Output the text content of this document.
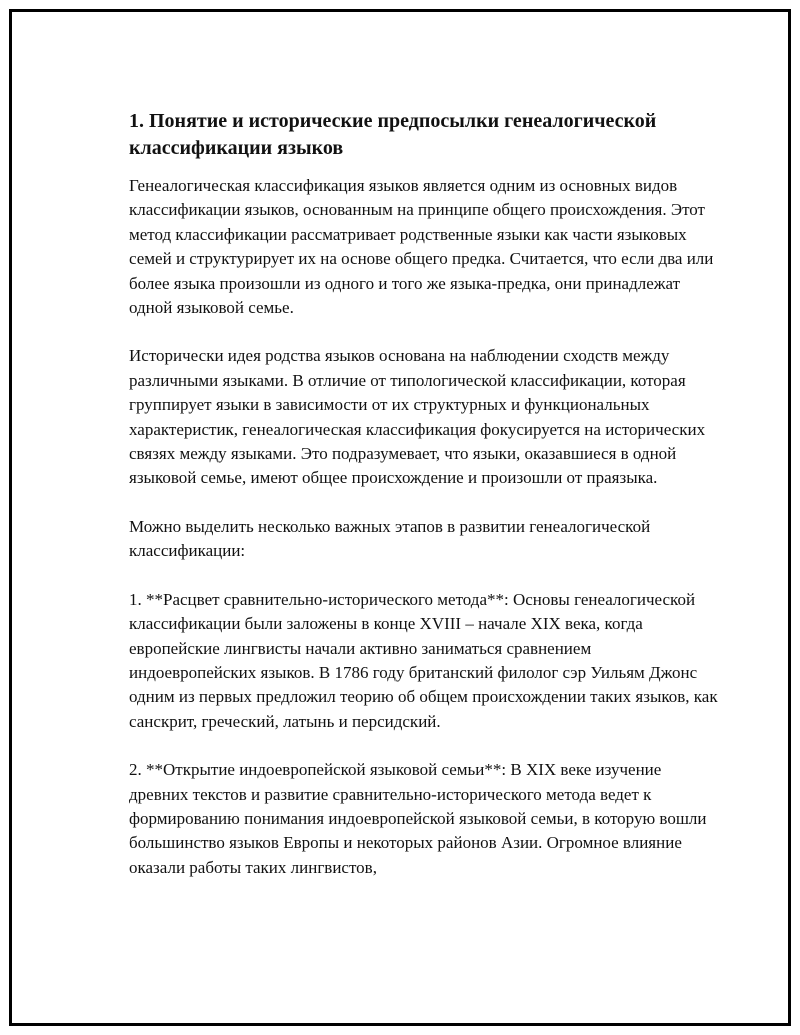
1. Понятие и исторические предпосылки генеалогической классификации языков

Генеалогическая классификация языков является одним из основных видов классификации языков, основанным на принципе общего происхождения. Этот метод классификации рассматривает родственные языки как части языковых семей и структурирует их на основе общего предка. Считается, что если два или более языка произошли из одного и того же языка-предка, они принадлежат одной языковой семье.

Исторически идея родства языков основана на наблюдении сходств между различными языками. В отличие от типологической классификации, которая группирует языки в зависимости от их структурных и функциональных характеристик, генеалогическая классификация фокусируется на исторических связях между языками. Это подразумевает, что языки, оказавшиеся в одной языковой семье, имеют общее происхождение и произошли от праязыка.

Можно выделить несколько важных этапов в развитии генеалогической классификации:

1. **Расцвет сравнительно-исторического метода**: Основы генеалогической классификации были заложены в конце XVIII – начале XIX века, когда европейские лингвисты начали активно заниматься сравнением индоевропейских языков. В 1786 году британский филолог сэр Уильям Джонс одним из первых предложил теорию об общем происхождении таких языков, как санскрит, греческий, латынь и персидский.

2. **Открытие индоевропейской языковой семьи**: В XIX веке изучение древних текстов и развитие сравнительно-исторического метода ведет к формированию понимания индоевропейской языковой семьи, в которую вошли большинство языков Европы и некоторых районов Азии. Огромное влияние оказали работы таких лингвистов,
